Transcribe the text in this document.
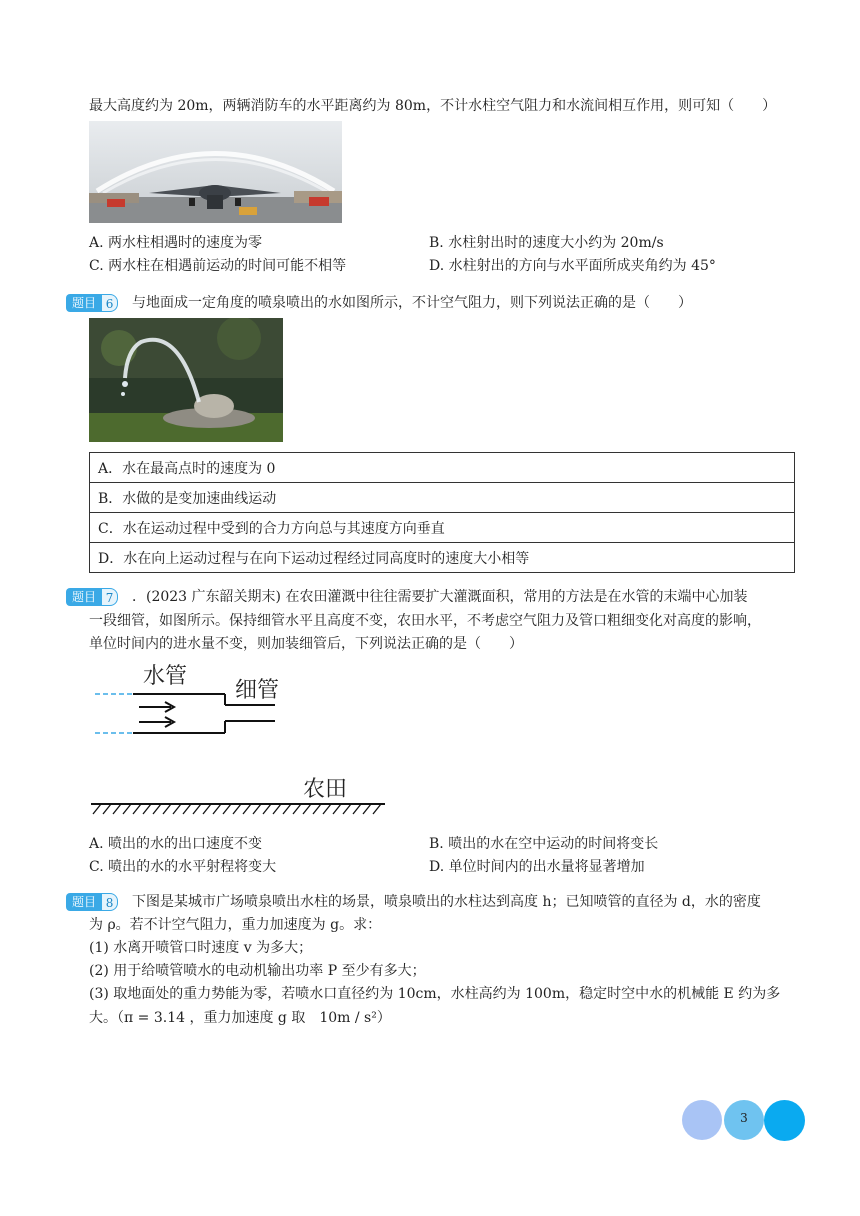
最大高度约为 20m，两辆消防车的水平距离约为 80m，不计水柱空气阻力和水流间相互作用，则可知（　　）
A. 两水柱相遇时的速度为零	B. 水柱射出时的速度大小约为 20m/s
C. 两水柱在相遇前运动的时间可能不相等	D. 水柱射出的方向与水平面所成夹角约为 45°
题目 6	与地面成一定角度的喷泉喷出的水如图所示，不计空气阻力，则下列说法正确的是（　　）
A．水在最高点时的速度为 0
B．水做的是变加速曲线运动
C．水在运动过程中受到的合力方向总与其速度方向垂直
D．水在向上运动过程与在向下运动过程经过同高度时的速度大小相等
题目 7	．(2023 广东韶关期末) 在农田灌溉中往往需要扩大灌溉面积，常用的方法是在水管的末端中心加装
一段细管，如图所示。保持细管水平且高度不变，农田水平，不考虑空气阻力及管口粗细变化对高度的影响，
单位时间内的进水量不变，则加装细管后，下列说法正确的是（　　）
水管
细管
农田
A. 喷出的水的出口速度不变	B. 喷出的水在空中运动的时间将变长
C. 喷出的水的水平射程将变大	D. 单位时间内的出水量将显著增加
题目 8	下图是某城市广场喷泉喷出水柱的场景，喷泉喷出的水柱达到高度 h；已知喷管的直径为 d，水的密度
为 ρ。若不计空气阻力，重力加速度为 g。求：
(1) 水离开喷管口时速度 v 为多大；
(2) 用于给喷管喷水的电动机输出功率 P 至少有多大；
(3) 取地面处的重力势能为零，若喷水口直径约为 10cm，水柱高约为 100m，稳定时空中水的机械能 E 约为多
大。（π = 3.14 ，重力加速度 g 取　10m / s²）
3
